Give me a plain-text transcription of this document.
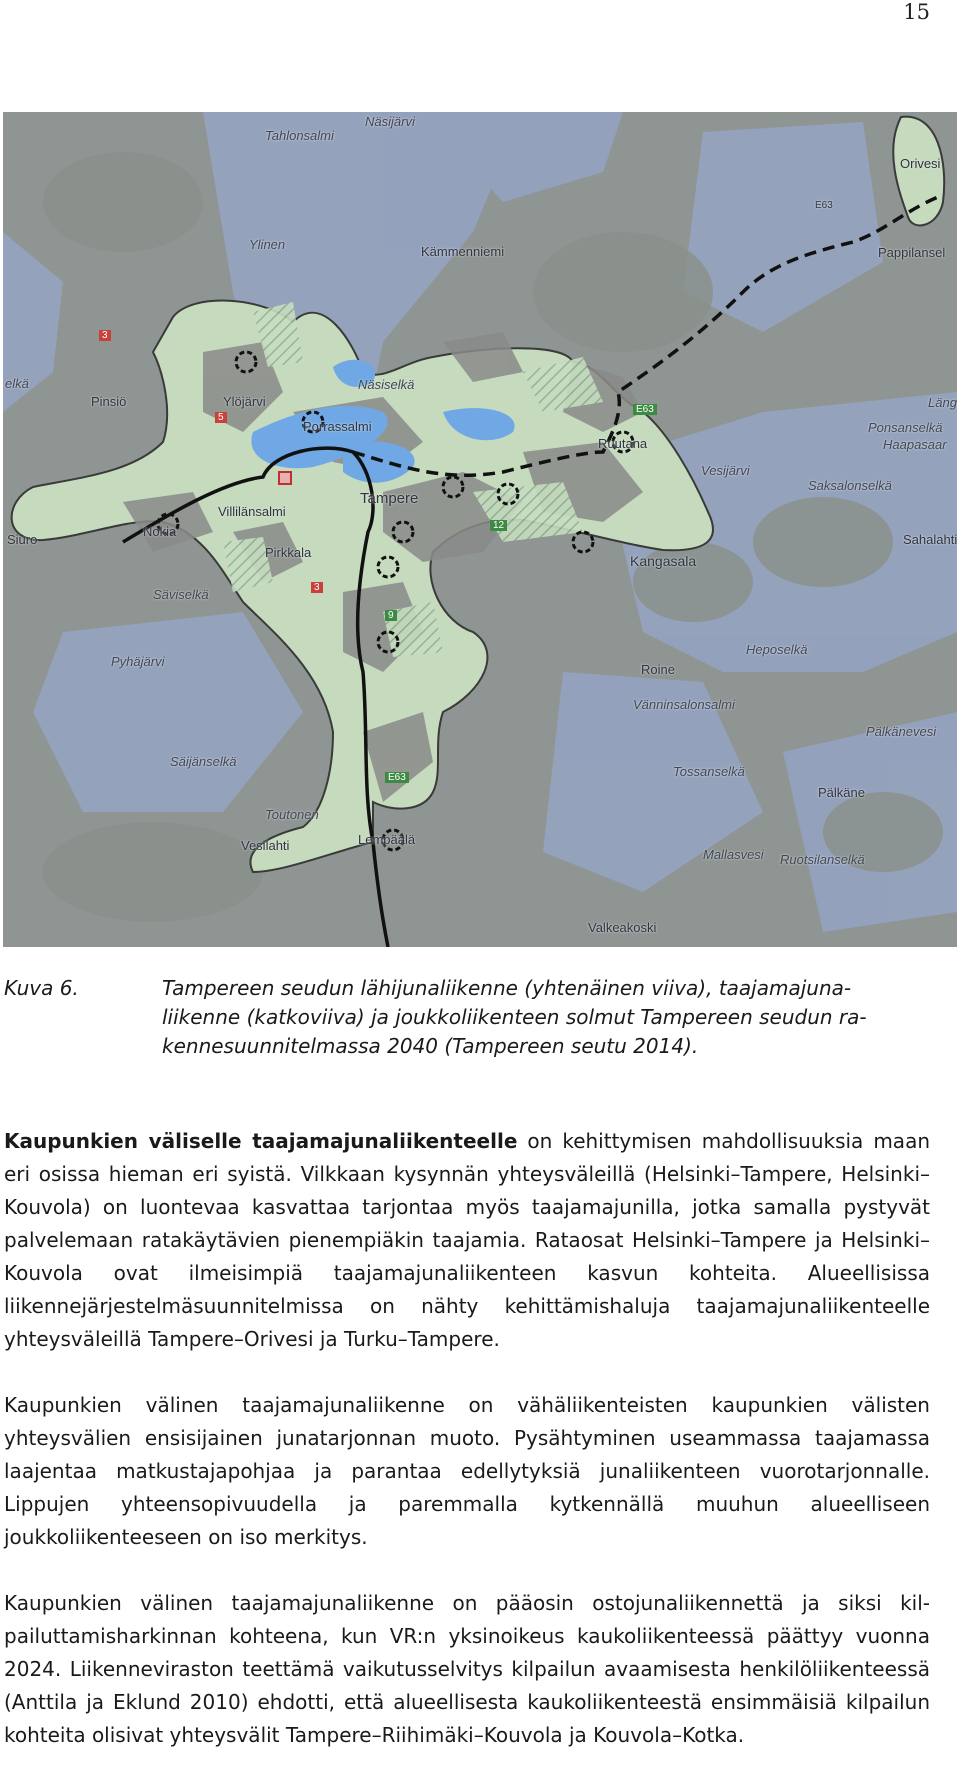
15
Näsijärvi
Tahlonsalmi
Orivesi
E63
Ylinen	Kämmenniemi	Pappilansel
elkä
Pinsiö	Ylöjärvi
Näsiselkä
Porrassalmi
Ruutana
Läng
Ponsanselkä
Haapasaar
Vesijärvi
Saksalonselkä
Villilänsalmi
Tampere
Nokia
Pirkkala
Kangasala
Sahalahti
Siuro
Säviselkä
Pyhäjärvi
Roine
Heposelkä
Vänninsalonsalmi
Pälkänevesi
Säijänselkä
Tossanselkä
Pälkäne
Toutonen
Vesilahti	Lempäälä
Mallasvesi Ruotsilanselkä
Valkeakoski
3
5
3
E63
E63
12
9
Kuva 6.	Tampereen seudun lähijunaliikenne (yhtenäinen viiva), taajamajunaliikenne (katkoviiva) ja joukkoliikenteen solmut Tampereen seudun rakennesuunnitelmassa 2040 (Tampereen seutu 2014).

Kaupunkien väliselle taajamajunaliikenteelle on kehittymisen mahdollisuuksia maan eri osissa hieman eri syistä. Vilkkaan kysynnän yhteysväleillä (Helsinki–Tampere, Helsinki–Kouvola) on luontevaa kasvattaa tarjontaa myös taajamajunilla, jotka samalla pystyvät palvelemaan ratakäytävien pienempiäkin taajamia. Rataosat Helsinki–Tampere ja Helsinki–Kouvola ovat ilmeisimpiä taajamajunaliikenteen kasvun kohteita. Alueellisissa liikennejärjestelmäsuunnitelmissa on nähty kehittämishaluja taajamajunaliikenteelle yhteysväleillä Tampere–Orivesi ja Turku–Tampere.

Kaupunkien välinen taajamajunaliikenne on vähäliikenteisten kaupunkien välisten yhteysvälien ensisijainen junatarjonnan muoto. Pysähtyminen useammassa taajamassa laajentaa matkustajapohjaa ja parantaa edellytyksiä junaliikenteen vuorotarjonnalle. Lippujen yhteensopivuudella ja paremmalla kytkennällä muuhun alueelliseen joukkoliikenteeseen on iso merkitys.

Kaupunkien välinen taajamajunaliikenne on pääosin ostojunaliikennettä ja siksi kilpailuttamisharkinnan kohteena, kun VR:n yksinoikeus kaukoliikenteessä päättyy vuonna 2024. Liikenneviraston teettämä vaikutusselvitys kilpailun avaamisesta henkilöliikenteessä (Anttila ja Eklund 2010) ehdotti, että alueellisesta kaukoliikenteestä ensimmäisiä kilpailun kohteita olisivat yhteysvälit Tampere–Riihimäki–Kouvola ja Kouvola–Kotka.
